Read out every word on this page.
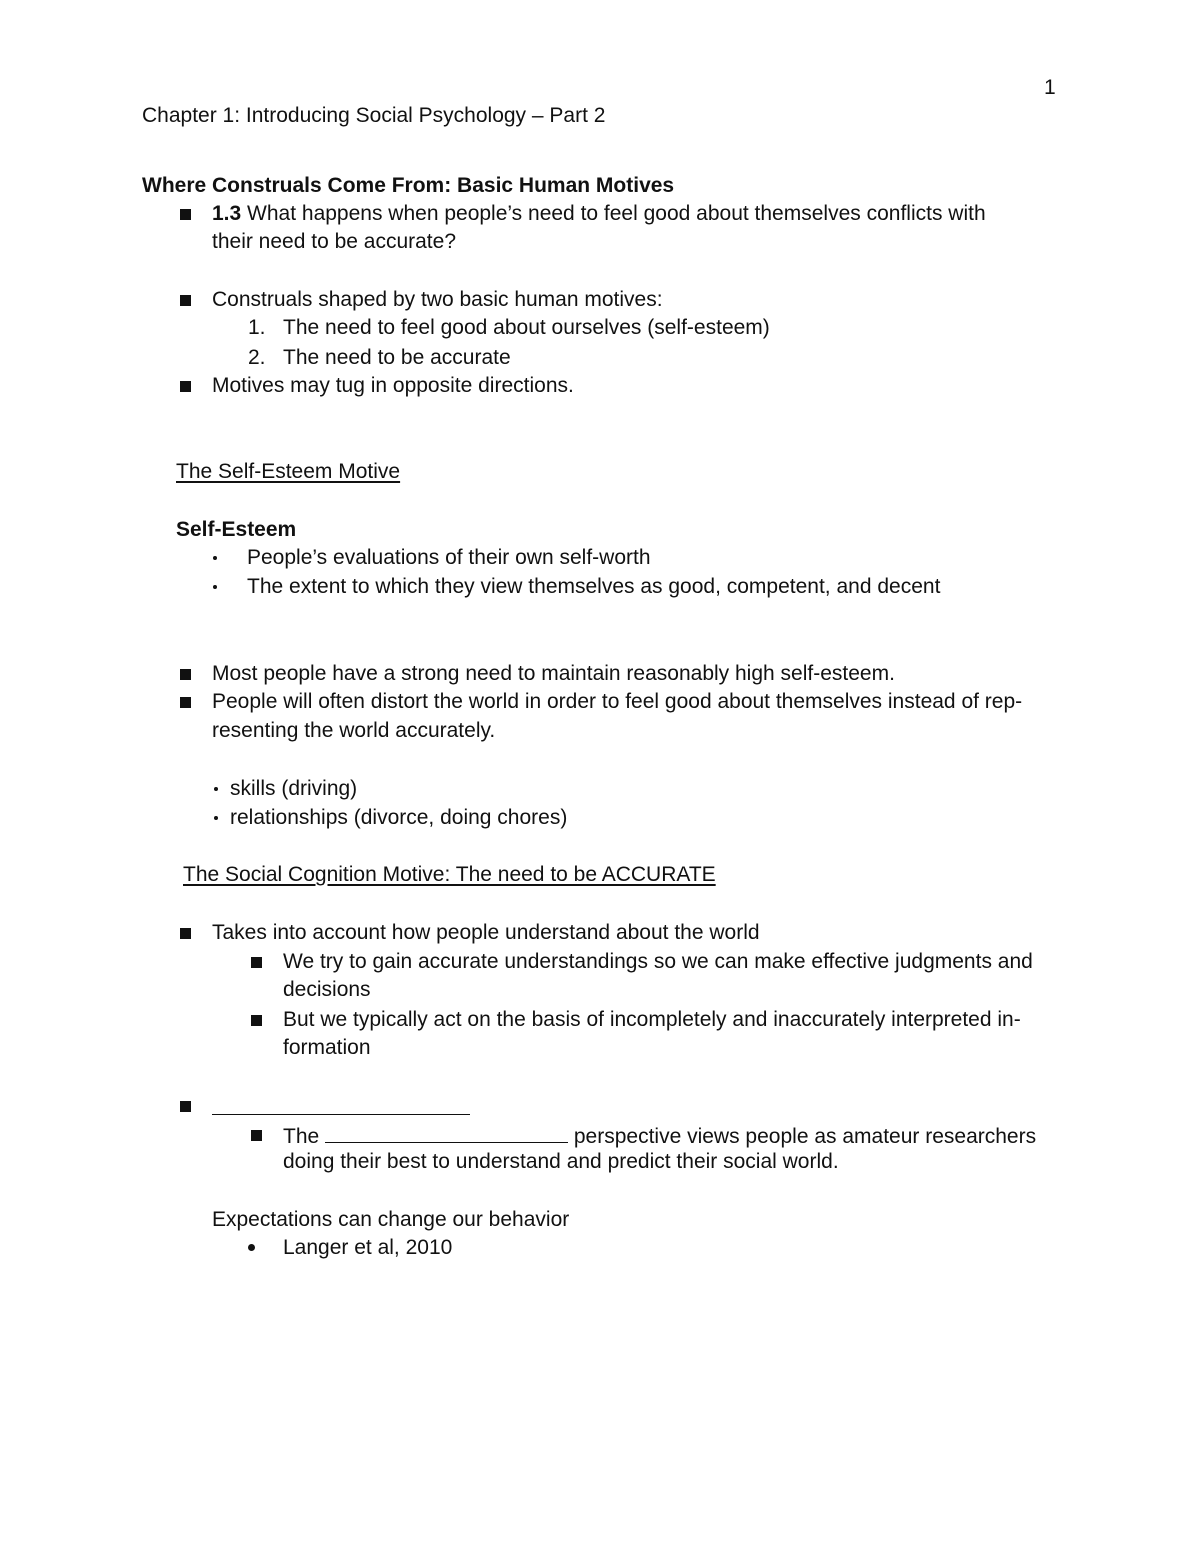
1
Chapter 1: Introducing Social Psychology – Part 2
Where Construals Come From: Basic Human Motives
1.3 What happens when people’s need to feel good about themselves conflicts with
their need to be accurate?
Construals shaped by two basic human motives:
1. The need to feel good about ourselves (self-esteem)
2. The need to be accurate
Motives may tug in opposite directions.
The Self-Esteem Motive
Self-Esteem
People’s evaluations of their own self-worth
The extent to which they view themselves as good, competent, and decent
Most people have a strong need to maintain reasonably high self-esteem.
People will often distort the world in order to feel good about themselves instead of rep-
resenting the world accurately.
skills (driving)
relationships (divorce, doing chores)
The Social Cognition Motive: The need to be ACCURATE
Takes into account how people understand about the world
We try to gain accurate understandings so we can make effective judgments and
decisions
But we typically act on the basis of incompletely and inaccurately interpreted in-
formation
The	perspective views people as amateur researchers
doing their best to understand and predict their social world.
Expectations can change our behavior
Langer et al, 2010
